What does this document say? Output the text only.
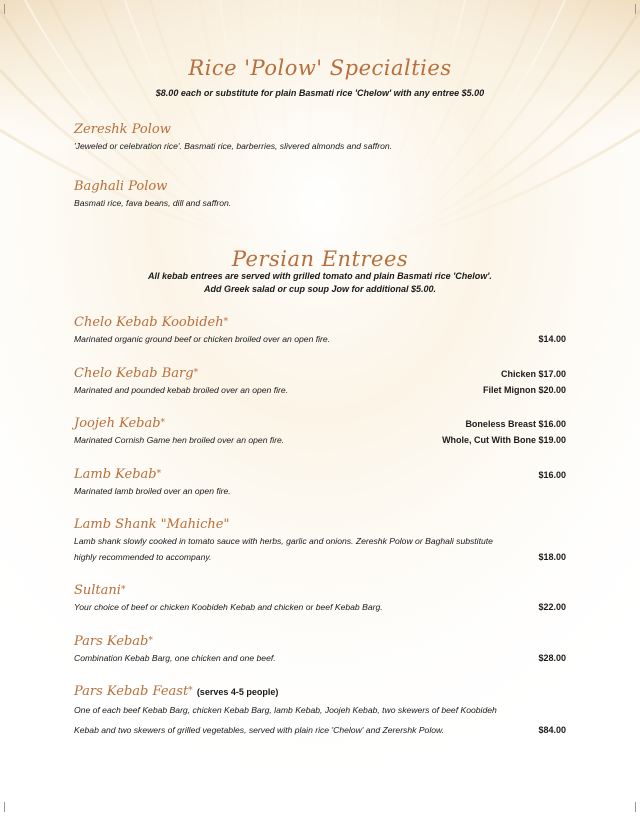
Rice 'Polow' Specialties
$8.00 each or substitute for plain Basmati rice 'Chelow' with any entree $5.00
Zereshk Polow
'Jeweled or celebration rice'. Basmati rice, barberries, slivered almonds and saffron.
Baghali Polow
Basmati rice, fava beans, dill and saffron.
Persian Entrees
All kebab entrees are served with grilled tomato and plain Basmati rice 'Chelow'.
Add Greek salad or cup soup Jow for additional $5.00.
Chelo Kebab Koobideh*
Marinated organic ground beef or chicken broiled over an open fire.	$14.00
Chelo Kebab Barg*
Marinated and pounded kebab broiled over an open fire.
Chicken $17.00
Filet Mignon $20.00
Joojeh Kebab*
Marinated Cornish Game hen broiled over an open fire.
Boneless Breast $16.00
Whole, Cut With Bone $19.00
Lamb Kebab*
Marinated lamb broiled over an open fire.
$16.00
Lamb Shank "Mahiche"
Lamb shank slowly cooked in tomato sauce with herbs, garlic and onions. Zereshk Polow or Baghali substitute
highly recommended to accompany.	$18.00
Sultani*
Your choice of beef or chicken Koobideh Kebab and chicken or beef Kebab Barg.	$22.00
Pars Kebab*
Combination Kebab Barg, one chicken and one beef.	$28.00
Pars Kebab Feast* (serves 4-5 people)
One of each beef Kebab Barg, chicken Kebab Barg, lamb Kebab, Joojeh Kebab, two skewers of beef Koobideh
Kebab and two skewers of grilled vegetables, served with plain rice 'Chelow' and Zerershk Polow.	$84.00
